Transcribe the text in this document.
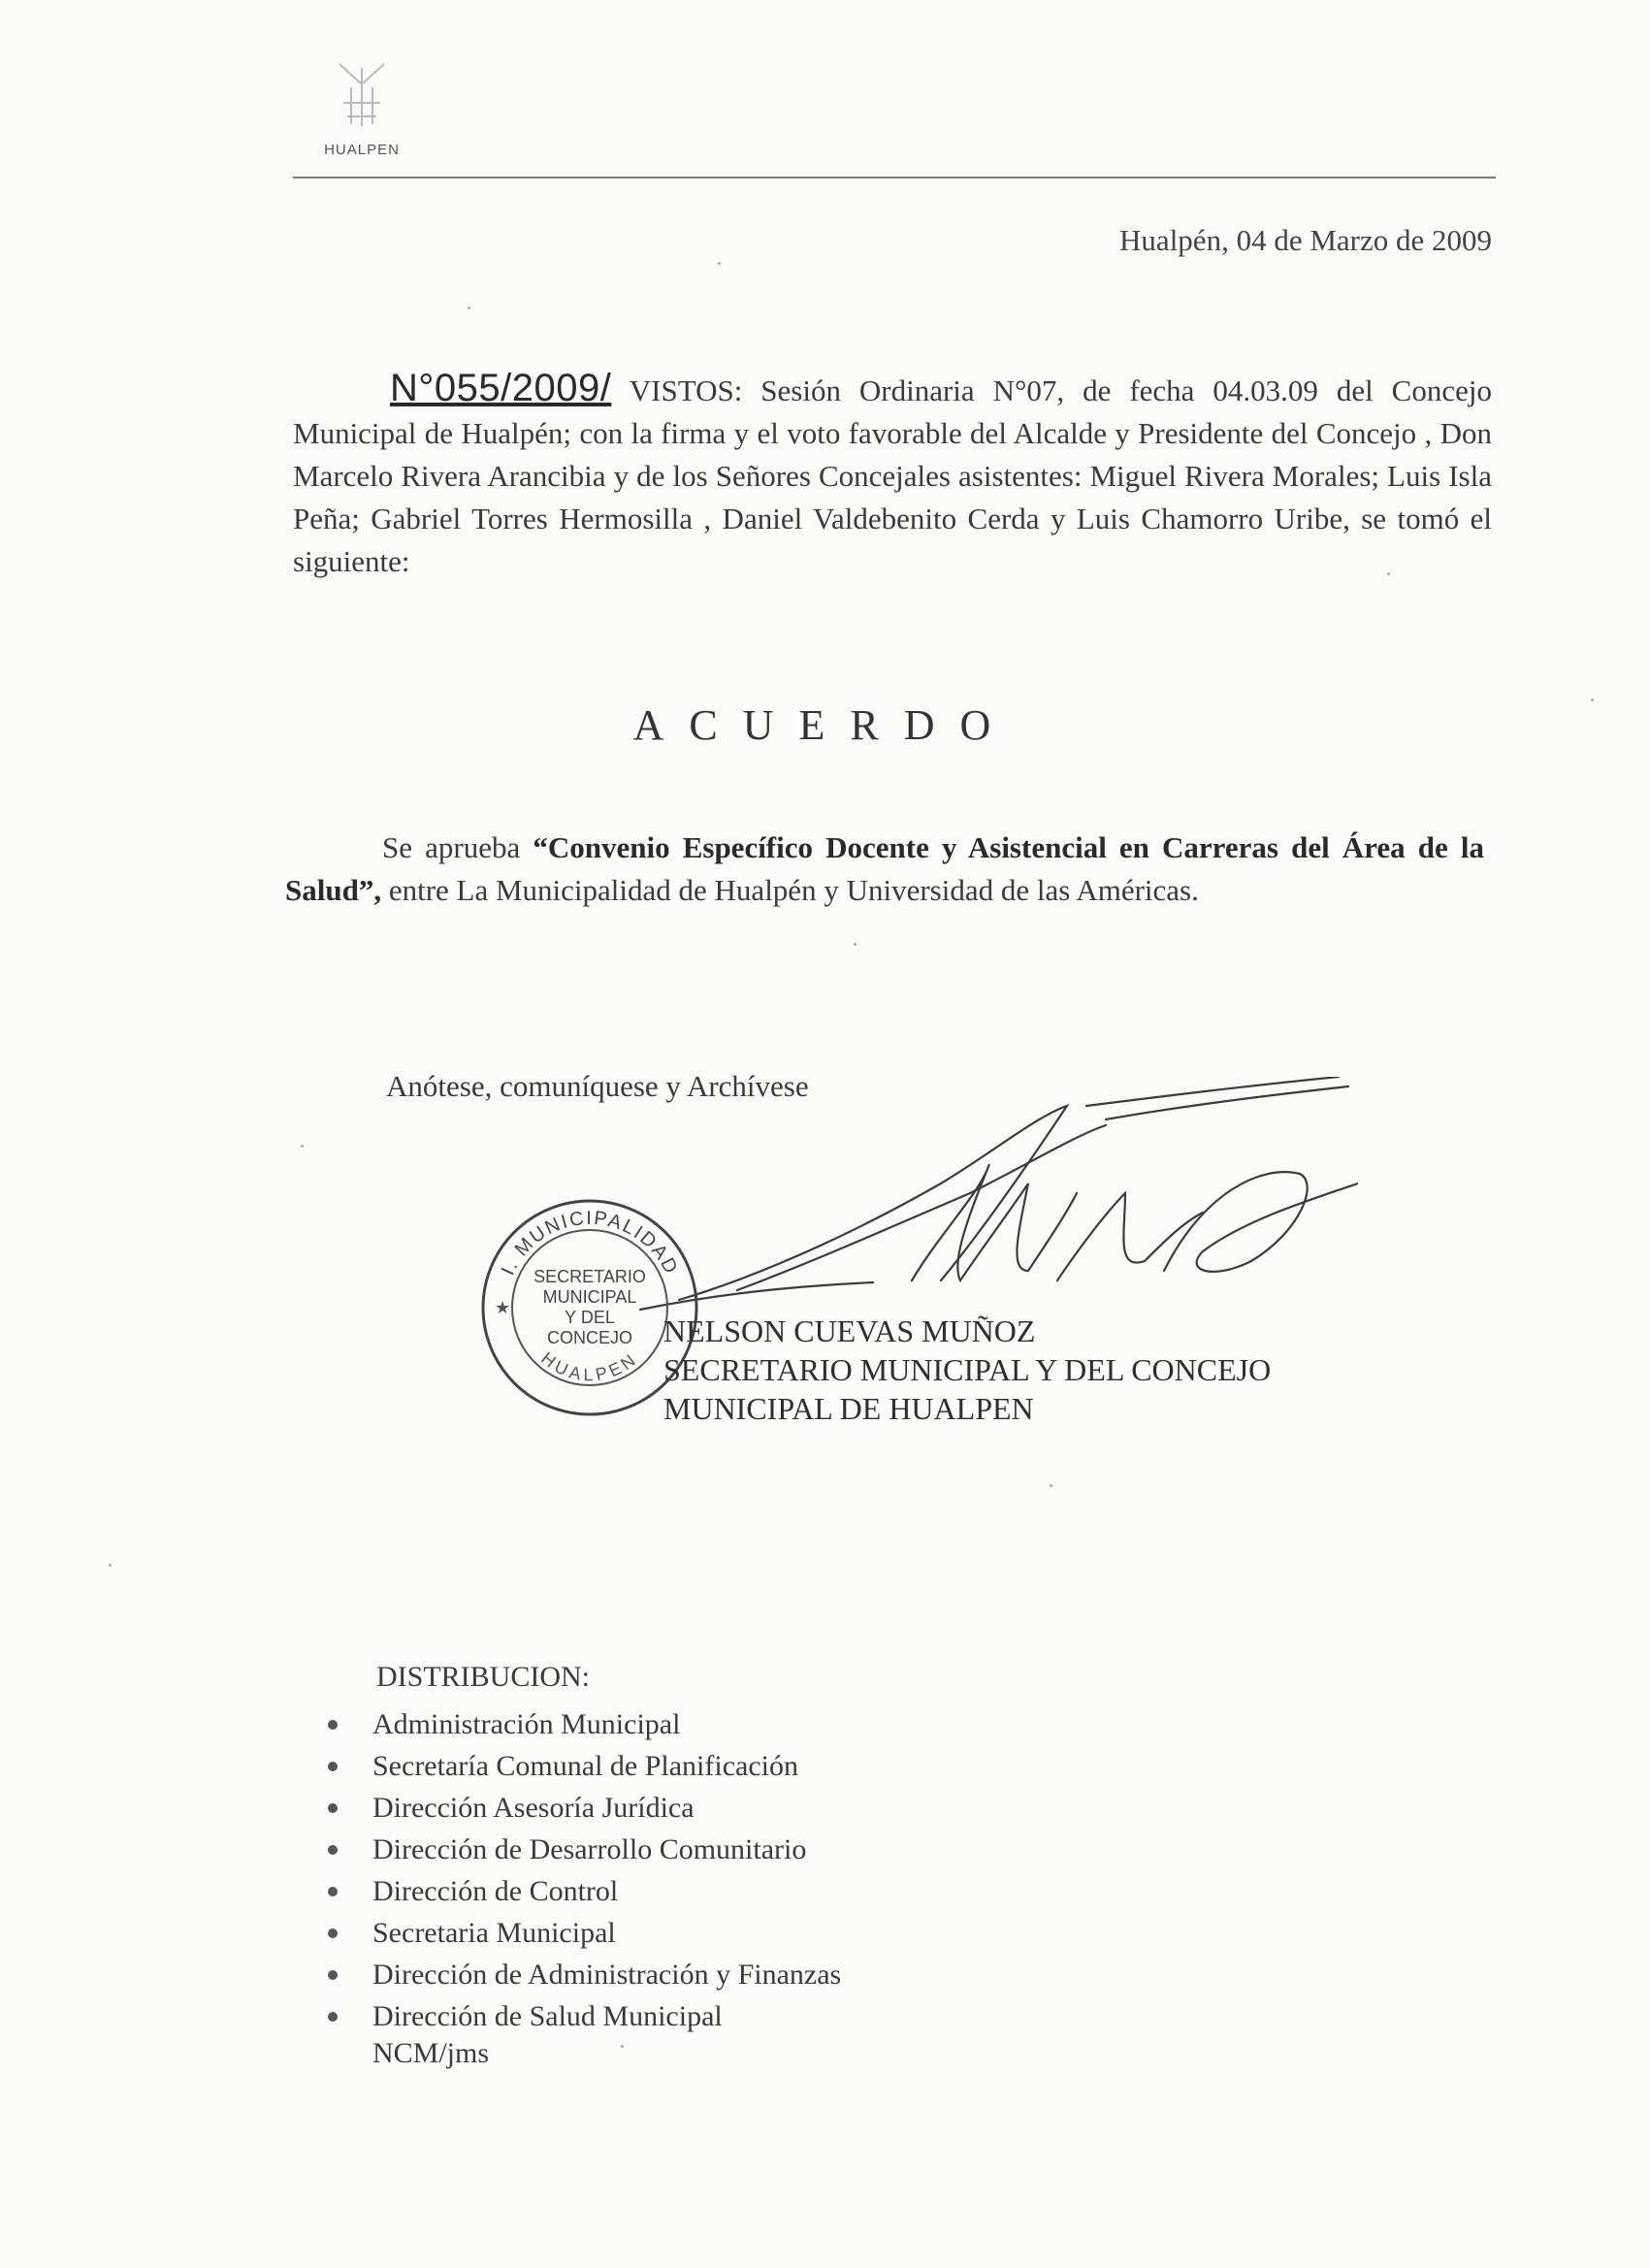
HUALPEN
Hualpén, 04 de Marzo de 2009
N°055/2009/ VISTOS: Sesión Ordinaria N°07, de fecha 04.03.09 del Concejo Municipal de Hualpén; con la firma y el voto favorable del Alcalde y Presidente del Concejo , Don Marcelo Rivera Arancibia y de los Señores Concejales asistentes: Miguel Rivera Morales; Luis Isla Peña; Gabriel Torres Hermosilla , Daniel Valdebenito Cerda y Luis Chamorro Uribe, se tomó el siguiente:
ACUERDO
Se aprueba “Convenio Específico Docente y Asistencial en Carreras del Área de la Salud”, entre La Municipalidad de Hualpén y Universidad de las Américas.
Anótese, comuníquese y Archívese
I. MUNICIPALIDAD
HUALPEN
★
SECRETARIO
MUNICIPAL
Y DEL
CONCEJO	NELSON CUEVAS MUÑOZ
SECRETARIO MUNICIPAL Y DEL CONCEJO
MUNICIPAL DE HUALPEN
DISTRIBUCION:
Administración Municipal
Secretaría Comunal de Planificación
Dirección Asesoría Jurídica
Dirección de Desarrollo Comunitario
Dirección de Control
Secretaria Municipal
Dirección de Administración y Finanzas
Dirección de Salud Municipal
NCM/jms
